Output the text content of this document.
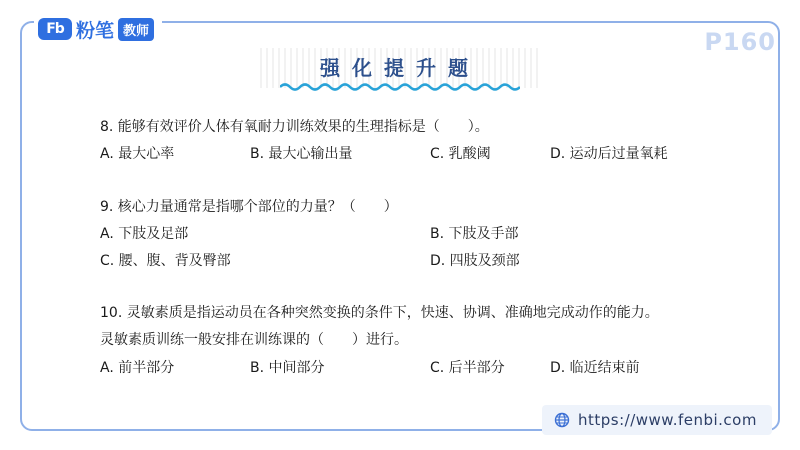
Fb 粉笔 教师	P160
强化提升题
8. 能够有效评价人体有氧耐力训练效果的生理指标是（　　）。
A. 最大心率	B. 最大心输出量	C. 乳酸阈	D. 运动后过量氧耗
9. 核心力量通常是指哪个部位的力量？（　　）
A. 下肢及足部	B. 下肢及手部
C. 腰、腹、背及臀部	D. 四肢及颈部
10. 灵敏素质是指运动员在各种突然变换的条件下，快速、协调、准确地完成动作的能力。
灵敏素质训练一般安排在训练课的（　　）进行。
A. 前半部分	B. 中间部分	C. 后半部分	D. 临近结束前
https://www.fenbi.com
